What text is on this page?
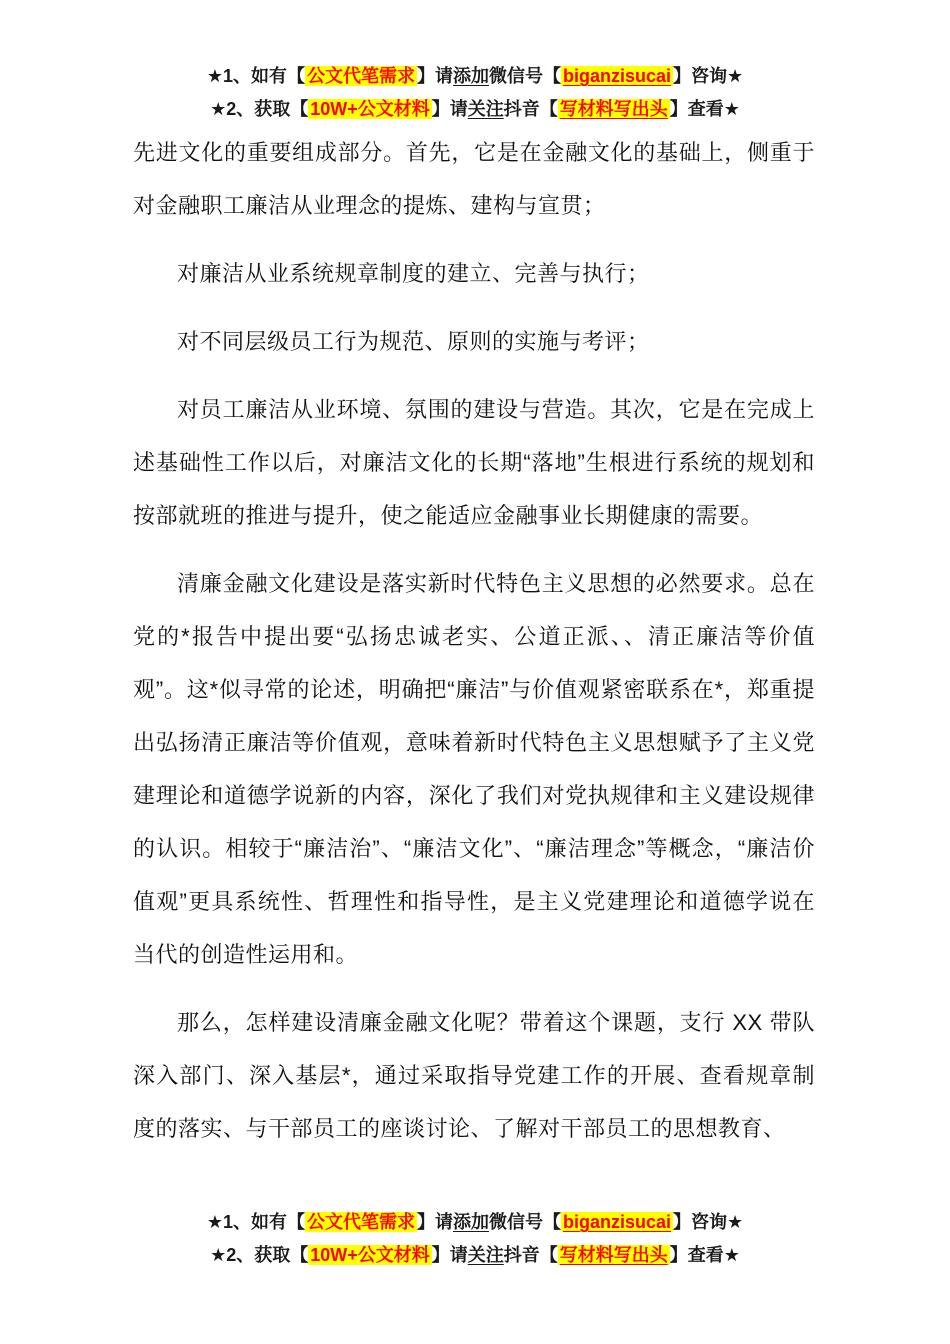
★1、如有【 公文代笔需求 】请添加微信号【 biganzisucai 】咨询★
★2、获取【 10W+公文材料 】请关注抖音【 写材料写出头 】查看★

先进文化的重要组成部分。首先，它是在金融文化的基础上，侧重于对金融职工廉洁从业理念的提炼、建构与宣贯；

对廉洁从业系统规章制度的建立、完善与执行；

对不同层级员工行为规范、原则的实施与考评；

对员工廉洁从业环境、氛围的建设与营造。其次，它是在完成上述基础性工作以后，对廉洁文化的长期“落地”生根进行系统的规划和按部就班的推进与提升，使之能适应金融事业长期健康的需要。

清廉金融文化建设是落实新时代特色主义思想的必然要求。总在党的*报告中提出要“弘扬忠诚老实、公道正派、、清正廉洁等价值观”。这*似寻常的论述，明确把“廉洁”与价值观紧密联系在*，郑重提出弘扬清正廉洁等价值观，意味着新时代特色主义思想赋予了主义党建理论和道德学说新的内容，深化了我们对党执规律和主义建设规律的认识。相较于“廉洁治”、“廉洁文化”、“廉洁理念”等概念，“廉洁价值观”更具系统性、哲理性和指导性，是主义党建理论和道德学说在当代的创造性运用和。

那么，怎样建设清廉金融文化呢？带着这个课题，支行 XX 带队深入部门、深入基层*，通过采取指导党建工作的开展、查看规章制度的落实、与干部员工的座谈讨论、了解对干部员工的思想教育、

★1、如有【 公文代笔需求 】请添加微信号【 biganzisucai 】咨询★
★2、获取【 10W+公文材料 】请关注抖音【 写材料写出头 】查看★
